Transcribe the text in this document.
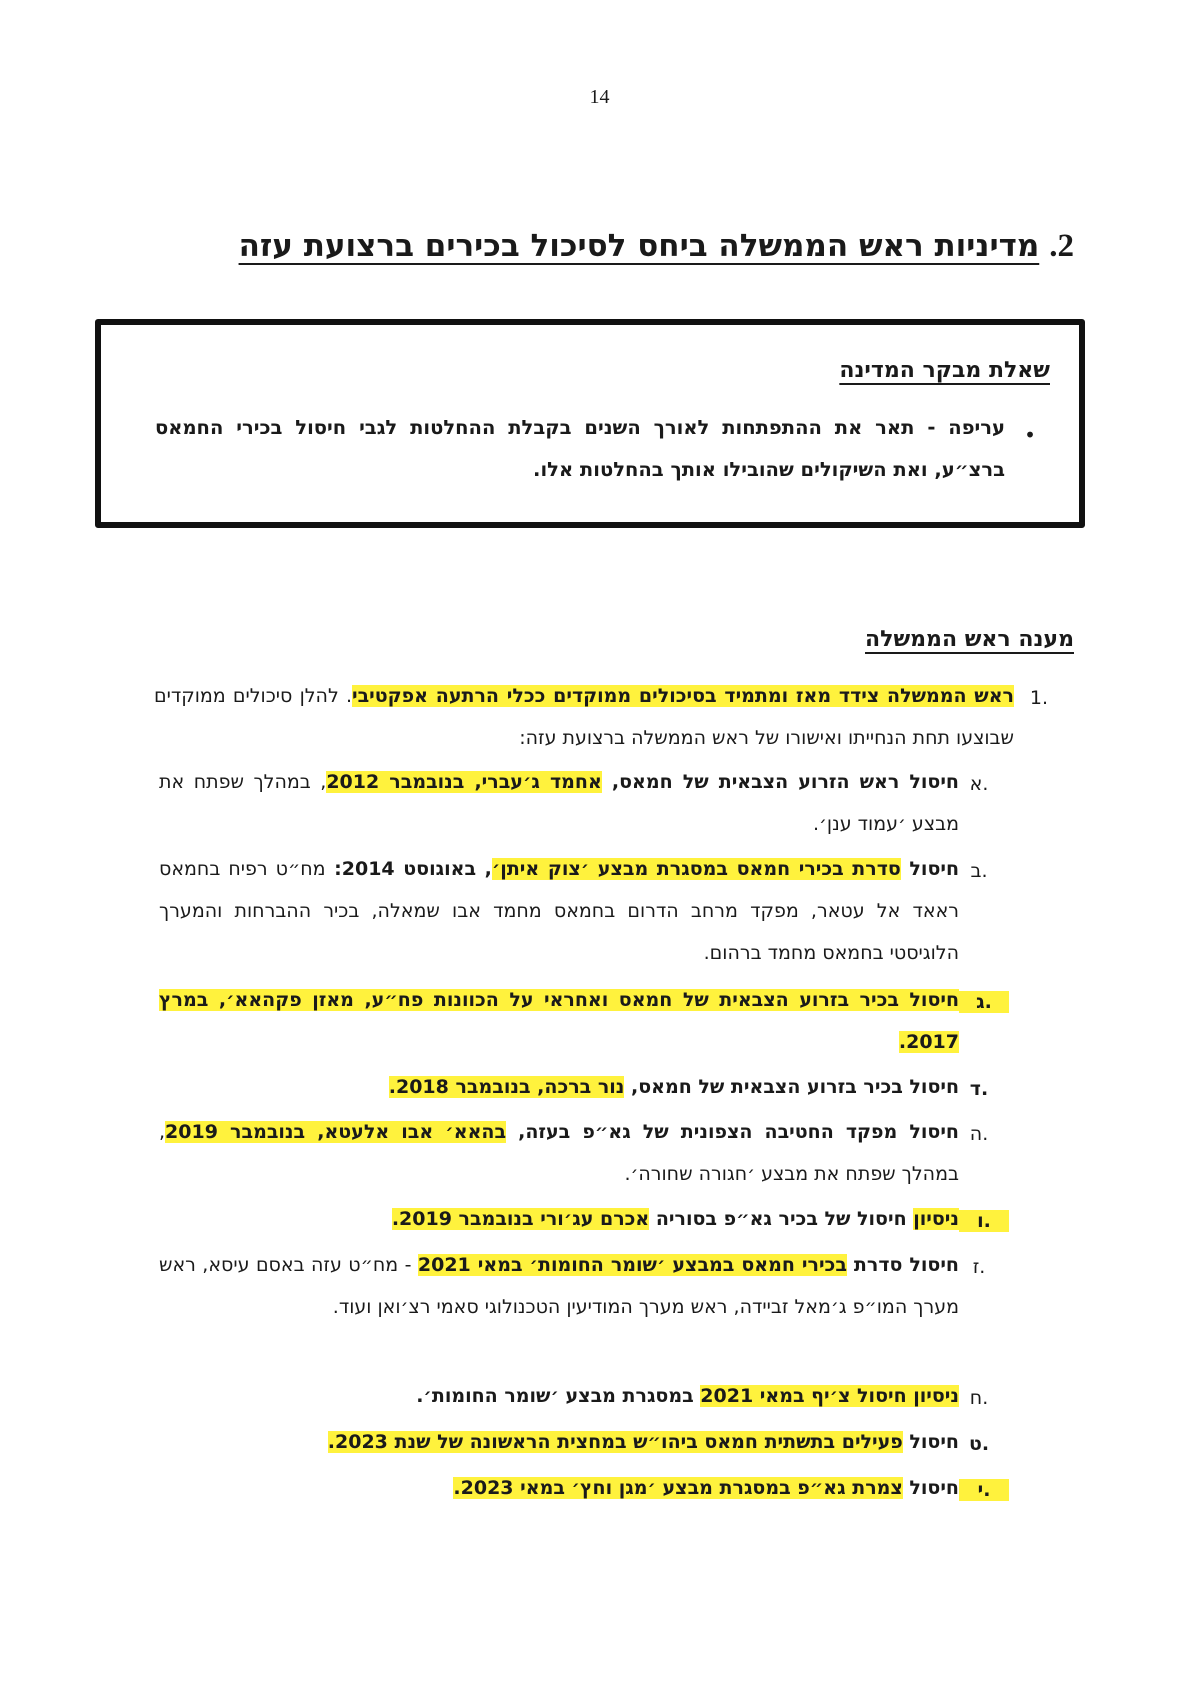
14
2.מדיניות ראש הממשלה ביחס לסיכול בכירים ברצועת עזה
שאלת מבקר המדינה
•
עריפה - תאר את ההתפתחות לאורך השנים בקבלת ההחלטות לגבי חיסול בכירי החמאס ברצ״ע, ואת השיקולים שהובילו אותך בהחלטות אלו.
מענה ראש הממשלה
1.
ראש הממשלה צידד מאז ומתמיד בסיכולים ממוקדים ככלי הרתעה אפקטיבי. להלן סיכולים ממוקדים שבוצעו תחת הנחייתו ואישורו של ראש הממשלה ברצועת עזה:
א.
חיסול ראש הזרוע הצבאית של חמאס, אחמד ג׳עברי, בנובמבר 2012, במהלך שפתח את מבצע ׳עמוד ענן׳.
ב.
חיסול סדרת בכירי חמאס במסגרת מבצע ׳צוק איתן׳, באוגוסט 2014: מח״ט רפיח בחמאס ראאד אל עטאר, מפקד מרחב הדרום בחמאס מחמד אבו שמאלה, בכיר ההברחות והמערך הלוגיסטי בחמאס מחמד ברהום.
ג.
חיסול בכיר בזרוע הצבאית של חמאס ואחראי על הכוונות פח״ע, מאזן פקהאא׳, במרץ 2017.
ד.
חיסול בכיר בזרוע הצבאית של חמאס, נור ברכה, בנובמבר 2018.
ה.
חיסול מפקד החטיבה הצפונית של גא״פ בעזה, בהאא׳ אבו אלעטא, בנובמבר 2019, במהלך שפתח את מבצע ׳חגורה שחורה׳.
ו.
ניסיון חיסול של בכיר גא״פ בסוריה אכרם עג׳ורי בנובמבר 2019.
ז.
חיסול סדרת בכירי חמאס במבצע ׳שומר החומות׳ במאי 2021 - מח״ט עזה באסם עיסא, ראש מערך המו״פ ג׳מאל זביידה, ראש מערך המודיעין הטכנולוגי סאמי רצ׳ואן ועוד.
ח.
ניסיון חיסול צ׳יף במאי 2021 במסגרת מבצע ׳שומר החומות׳.
ט.
חיסול פעילים בתשתית חמאס ביהו״ש במחצית הראשונה של שנת 2023.
י.
חיסול צמרת גא״פ במסגרת מבצע ׳מגן וחץ׳ במאי 2023.
